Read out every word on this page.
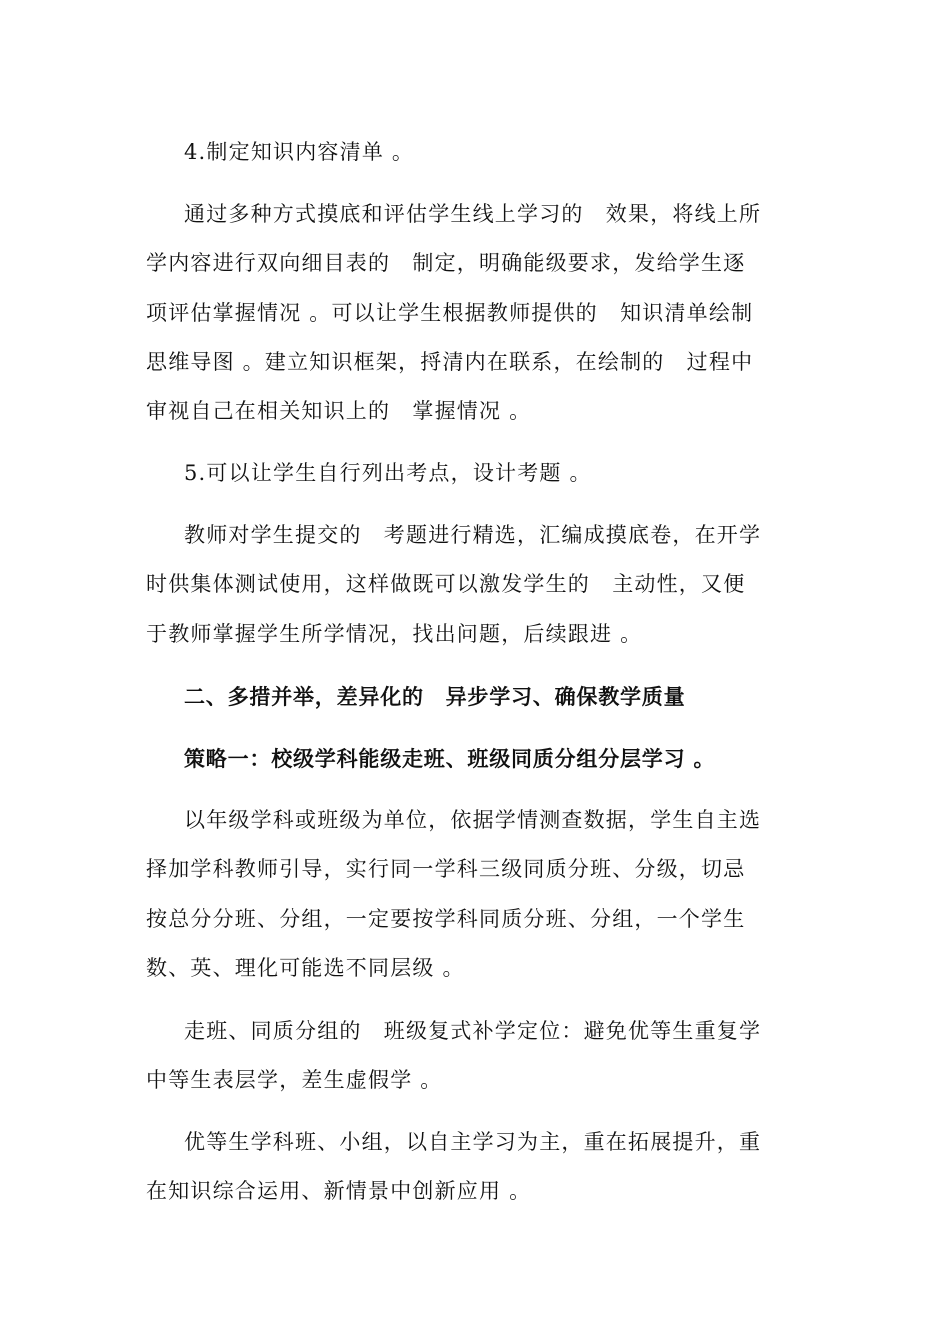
4.制定知识内容清单 。

通过多种方式摸底和评估学生线上学习的　效果，将线上所
学内容进行双向细目表的　制定，明确能级要求，发给学生逐
项评估掌握情况 。可以让学生根据教师提供的　知识清单绘制
思维导图 。建立知识框架，捋清内在联系，在绘制的　过程中
审视自己在相关知识上的　掌握情况 。

5.可以让学生自行列出考点，设计考题 。

教师对学生提交的　考题进行精选，汇编成摸底卷，在开学
时供集体测试使用，这样做既可以激发学生的　主动性，又便
于教师掌握学生所学情况，找出问题，后续跟进 。

二、多措并举，差异化的　异步学习、确保教学质量

策略一：校级学科能级走班、班级同质分组分层学习 。

以年级学科或班级为单位，依据学情测查数据，学生自主选
择加学科教师引导，实行同一学科三级同质分班、分级，切忌
按总分分班、分组，一定要按学科同质分班、分组，一个学生
数、英、理化可能选不同层级 。

走班、同质分组的　班级复式补学定位：避免优等生重复学
中等生表层学，差生虚假学 。

优等生学科班、小组，以自主学习为主，重在拓展提升，重
在知识综合运用、新情景中创新应用 。
